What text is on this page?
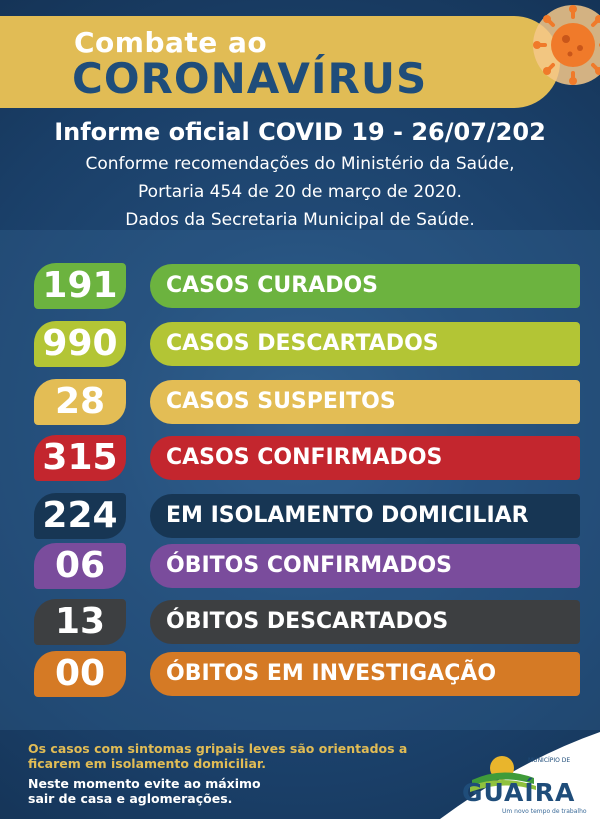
Combate ao
CORONAVÍRUS
Informe oficial COVID 19 - 26/07/202
Conforme recomendações do Ministério da Saúde,
Portaria 454 de 20 de março de 2020.
Dados da Secretaria Municipal de Saúde.
191	CASOS CURADOS
990	CASOS DESCARTADOS
28	CASOS SUSPEITOS
315	CASOS CONFIRMADOS
224	EM ISOLAMENTO DOMICILIAR
06	ÓBITOS CONFIRMADOS
13	ÓBITOS DESCARTADOS
00	ÓBITOS EM INVESTIGAÇÃO
Os casos com sintomas gripais leves são orientados a
ficarem em isolamento domiciliar.
Neste momento evite ao máximo
sair de casa e aglomerações.
MUNICÍPIO DE
GUAÍRA
Um novo tempo de trabalho
